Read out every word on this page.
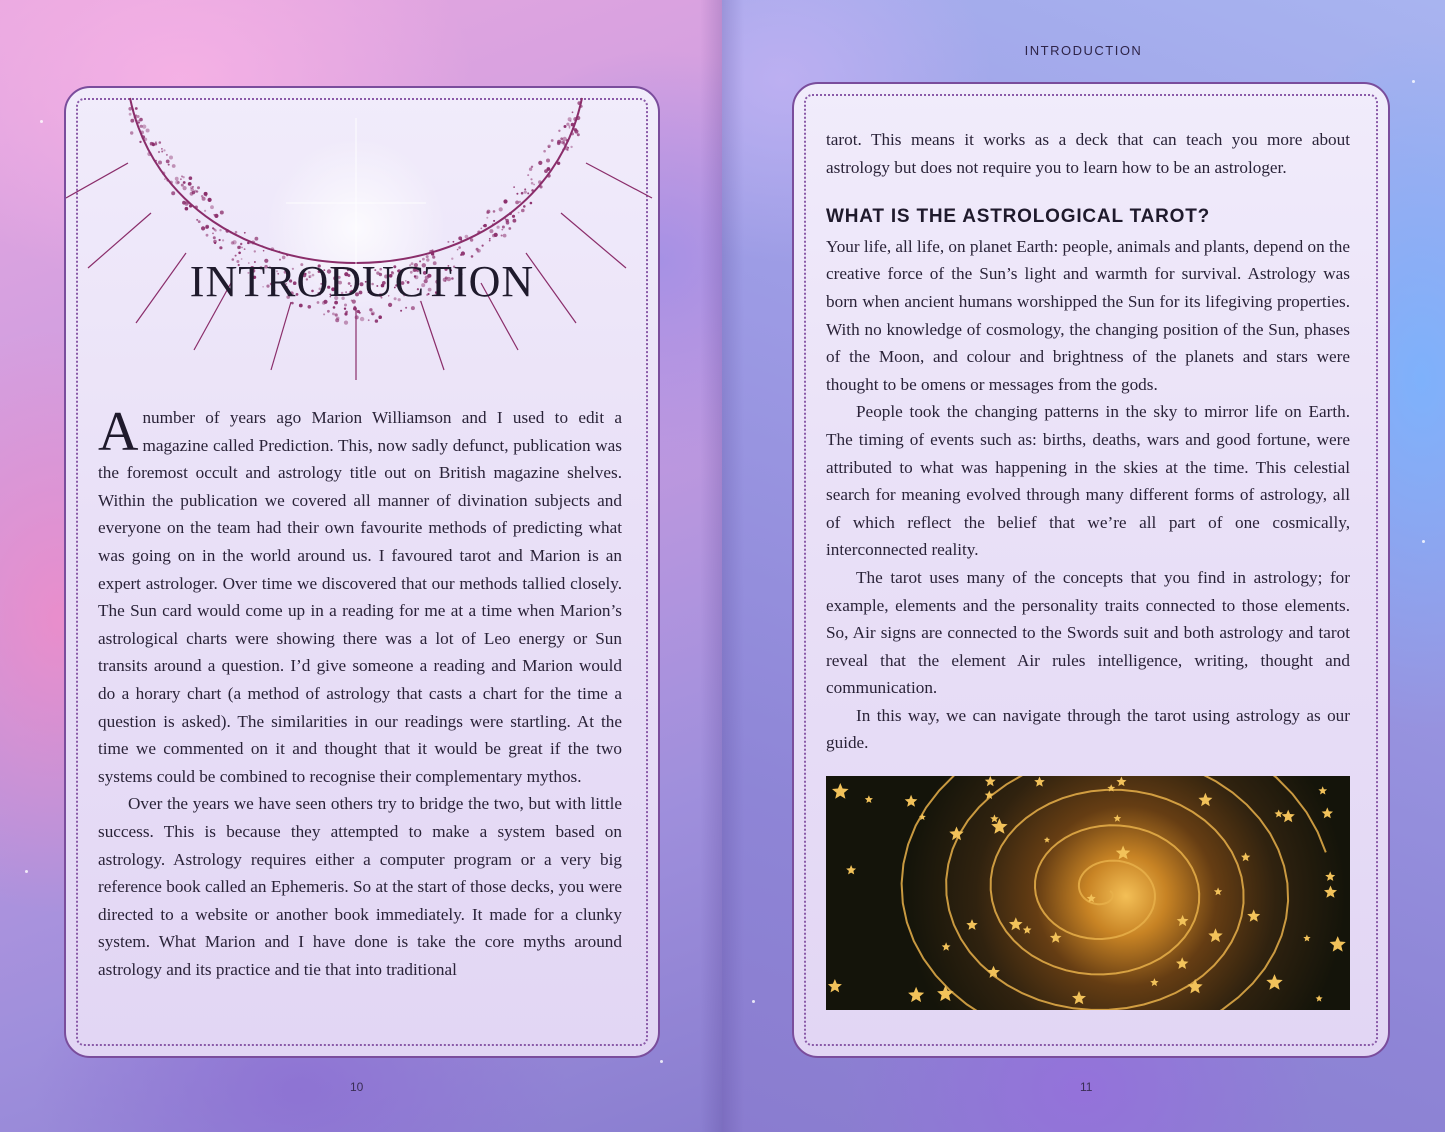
INTRODUCTION

A number of years ago Marion Williamson and I used to edit a magazine called Prediction. This, now sadly defunct, publication was the foremost occult and astrology title out on British magazine shelves. Within the publication we covered all manner of divination subjects and everyone on the team had their own favourite methods of predicting what was going on in the world around us. I favoured tarot and Marion is an expert astrologer. Over time we discovered that our methods tallied closely. The Sun card would come up in a reading for me at a time when Marion’s astrological charts were showing there was a lot of Leo energy or Sun transits around a question. I’d give someone a reading and Marion would do a horary chart (a method of astrology that casts a chart for the time a question is asked). The similarities in our readings were startling. At the time we commented on it and thought that it would be great if the two systems could be combined to recognise their complementary mythos.

Over the years we have seen others try to bridge the two, but with little success. This is because they attempted to make a system based on astrology. Astrology requires either a computer program or a very big reference book called an Ephemeris. So at the start of those decks, you were directed to a website or another book immediately. It made for a clunky system. What Marion and I have done is take the core myths around astrology and its practice and tie that into traditional

10
INTRODUCTION

tarot. This means it works as a deck that can teach you more about astrology but does not require you to learn how to be an astrologer.

WHAT IS THE ASTROLOGICAL TAROT?

Your life, all life, on planet Earth: people, animals and plants, depend on the creative force of the Sun’s light and warmth for survival. Astrology was born when ancient humans worshipped the Sun for its lifegiving properties. With no knowledge of cosmology, the changing position of the Sun, phases of the Moon, and colour and brightness of the planets and stars were thought to be omens or messages from the gods.

People took the changing patterns in the sky to mirror life on Earth. The timing of events such as: births, deaths, wars and good fortune, were attributed to what was happening in the skies at the time. This celestial search for meaning evolved through many different forms of astrology, all of which reflect the belief that we’re all part of one cosmically, interconnected reality.

The tarot uses many of the concepts that you find in astrology; for example, elements and the personality traits connected to those elements. So, Air signs are connected to the Swords suit and both astrology and tarot reveal that the element Air rules intelligence, writing, thought and communication.

In this way, we can navigate through the tarot using astrology as our guide.

11
